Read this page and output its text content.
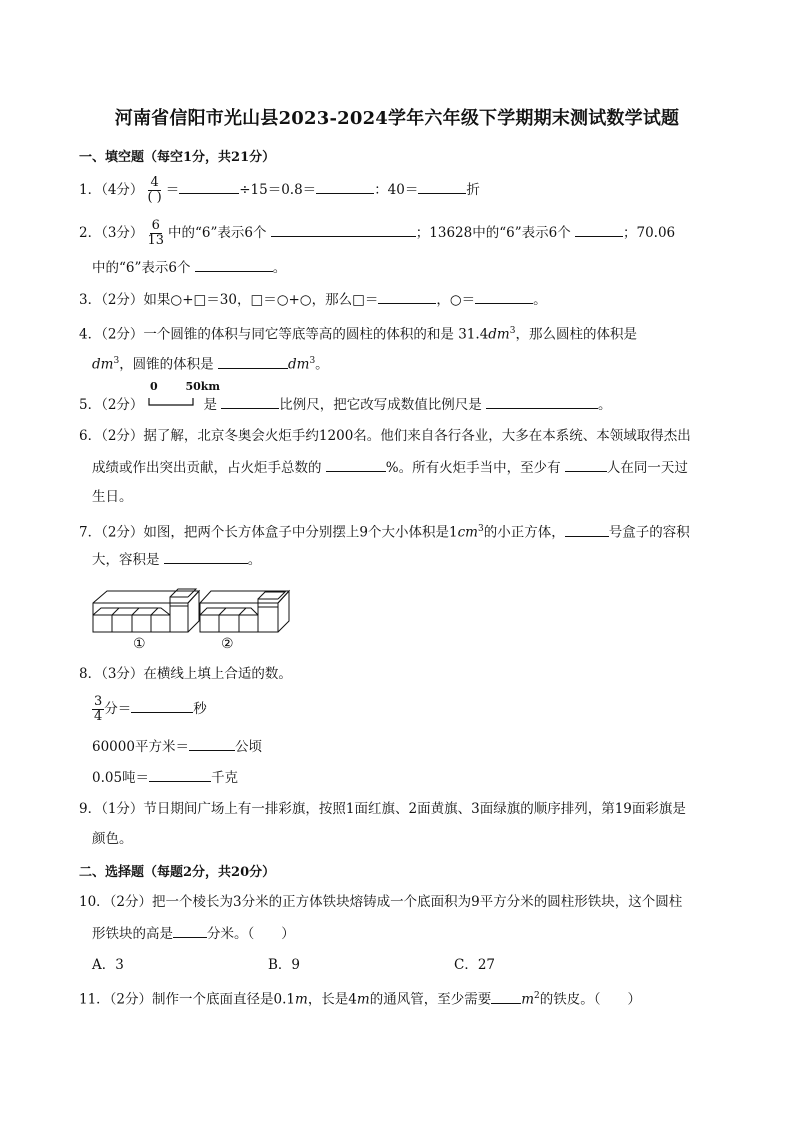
河南省信阳市光山县2023-2024学年六年级下学期期末测试数学试题
一、填空题（每空1分，共21分）
1．（4分） $\frac{4}{( )}$ ＝	÷15＝0.8＝	：40＝	折
2．（3分） $\frac{6}{13}$ 中的“6”表示6个	；13628中的“6”表示6个	；70.06
中的“6”表示6个	。
3．（2分）如果○+□＝30，□＝○+○，那么□＝	，○＝	。
4．（2分）一个圆锥的体积与同它等底等高的圆柱的体积的和是 $31.4dm^3$，那么圆柱的体积是
$dm^3$，圆锥的体积是	$dm^3$。
0	50km
5．（2分）	是	比例尺，把它改写成数值比例尺是	。
6．（2分）据了解，北京冬奥会火炬手约1200名。他们来自各行各业，大多在本系统、本领域取得杰出
成绩或作出突出贡献，占火炬手总数的	%。所有火炬手当中，至少有	人在同一天过
生日。
7．（2分）如图，把两个长方体盒子中分别摆上9个大小体积是$1cm^3$的小正方体，	号盒子的容积
大，容积是	。
①	②
8．（3分）在横线上填上合适的数。
$\frac{3}{4}$ 分＝	秒
60000平方米＝	公顷
0.05吨＝	千克
9．（1分）节日期间广场上有一排彩旗，按照1面红旗、2面黄旗、3面绿旗的顺序排列，第19面彩旗是
颜色。
二、选择题（每题2分，共20分）
10．（2分）把一个棱长为3分米的正方体铁块熔铸成一个底面积为9平方分米的圆柱形铁块，这个圆柱
形铁块的高是	分米。（　　）
A．3	B．9	C．27
11．（2分）制作一个底面直径是0.1m，长是4m的通风管，至少需要 $m^2$的铁皮。（　　）
